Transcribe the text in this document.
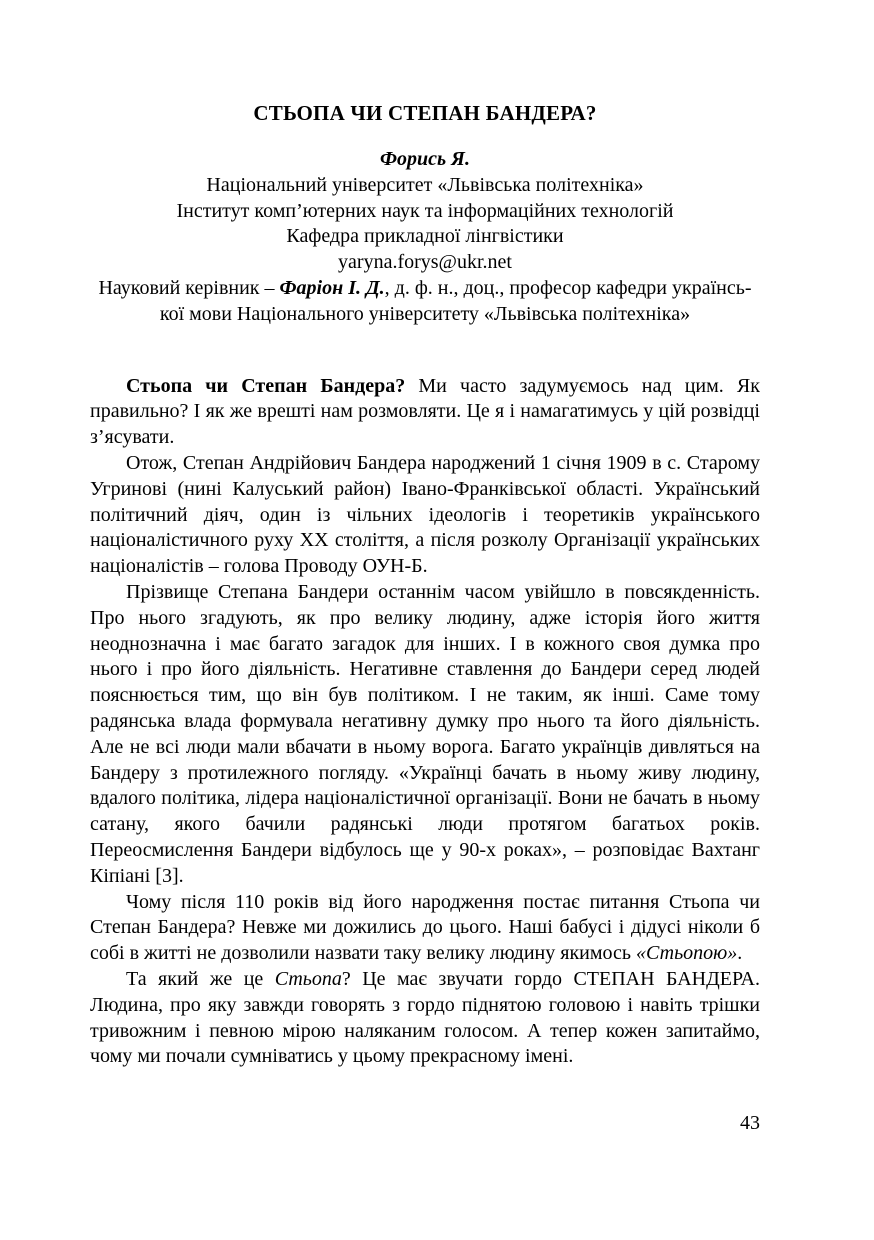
СТЬОПА ЧИ СТЕПАН БАНДЕРА?
Форись Я.
Національний університет «Львівська політехніка»
Інститут комп’ютерних наук та інформаційних технологій
Кафедра прикладної лінгвістики
yaryna.forys@ukr.net
Науковий керівник – Фаріон І. Д., д. ф. н., доц., професор кафедри українсь-
кої мови Національного університету «Львівська політехніка»

Стьопа чи Степан Бандера? Ми часто задумуємось над цим. Як правильно? І як же врешті нам розмовляти. Це я і намагатимусь у цій розвідці з’ясувати.

Отож, Степан Андрійович Бандера народжений 1 січня 1909 в с. Старому Угринові (нині Калуський район) Івано-Франківської області. Український політичний діяч, один із чільних ідеологів і теоретиків українського націоналістичного руху ХХ століття, а після розколу Організації українських націоналістів – голова Проводу ОУН-Б.

Прізвище Степана Бандери останнім часом увійшло в повсякденність. Про нього згадують, як про велику людину, адже історія його життя неоднозначна і має багато загадок для інших. І в кожного своя думка про нього і про його діяльність. Негативне ставлення до Бандери серед людей пояснюється тим, що він був політиком. І не таким, як інші. Саме тому радянська влада формувала негативну думку про нього та його діяльність. Але не всі люди мали вбачати в ньому ворога. Багато українців дивляться на Бандеру з протилежного погляду. «Українці бачать в ньому живу людину, вдалого політика, лідера націоналістичної організації. Вони не бачать в ньому сатану, якого бачили радянські люди протягом багатьох років. Переосмислення Бандери відбулось ще у 90-х роках», – розповідає Вахтанг Кіпіані [3].

Чому після 110 років від його народження постає питання Стьопа чи Степан Бандера? Невже ми дожились до цього. Наші бабусі і дідусі ніколи б собі в житті не дозволили назвати таку велику людину якимось «Стьопою».

Та який же це Стьопа? Це має звучати гордо СТЕПАН БАНДЕРА. Людина, про яку завжди говорять з гордо піднятою головою і навіть трішки тривожним і певною мірою наляканим голосом. А тепер кожен запитаймо, чому ми почали сумніватись у цьому прекрасному імені.

43
